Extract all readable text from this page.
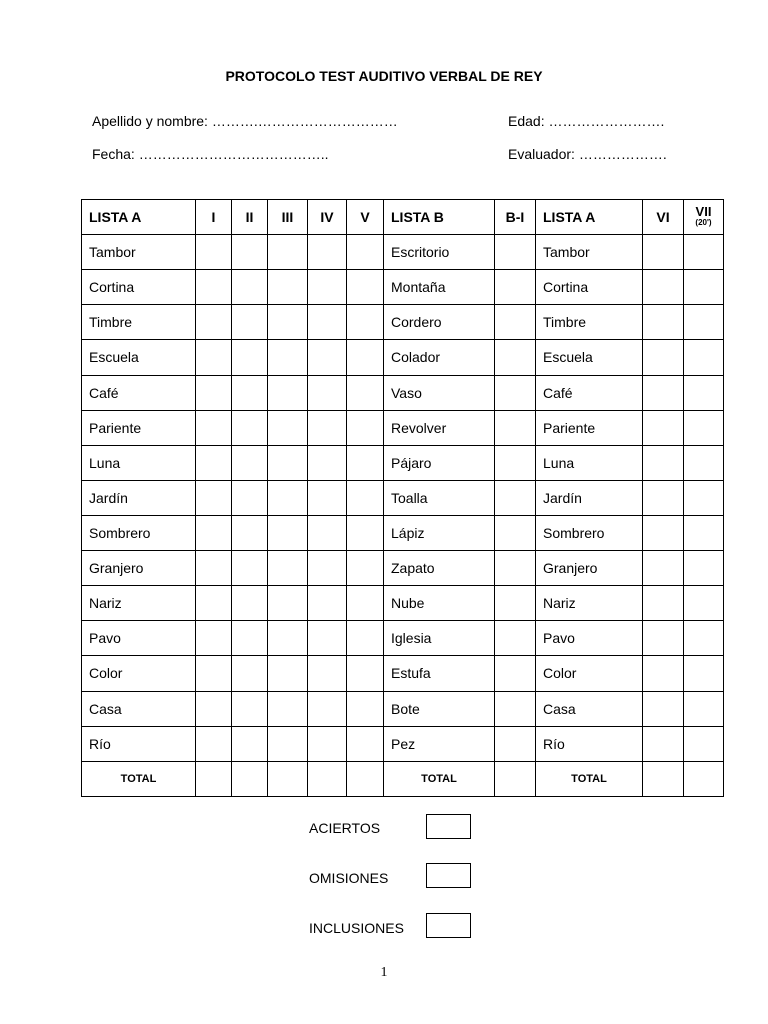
PROTOCOLO TEST AUDITIVO VERBAL DE REY
Apellido y nombre: ……….…………………………	Edad: …………………….
Fecha: …………………………………..	Evaluador: ……………….
LISTA A	I	II	III	IV	V	LISTA B	B-I	LISTA A	VI	VII
(20')

Tambor						Escritorio		Tambor		
Cortina						Montaña		Cortina		
Timbre						Cordero		Timbre		
Escuela						Colador		Escuela		
Café						Vaso		Café		
Pariente						Revolver		Pariente		
Luna						Pájaro		Luna		
Jardín						Toalla		Jardín		
Sombrero						Lápiz		Sombrero		
Granjero						Zapato		Granjero		
Nariz						Nube		Nariz		
Pavo						Iglesia		Pavo		
Color						Estufa		Color		
Casa						Bote		Casa		
Río						Pez		Río		
TOTAL						TOTAL		TOTAL		
ACIERTOS
OMISIONES
INCLUSIONES
1
